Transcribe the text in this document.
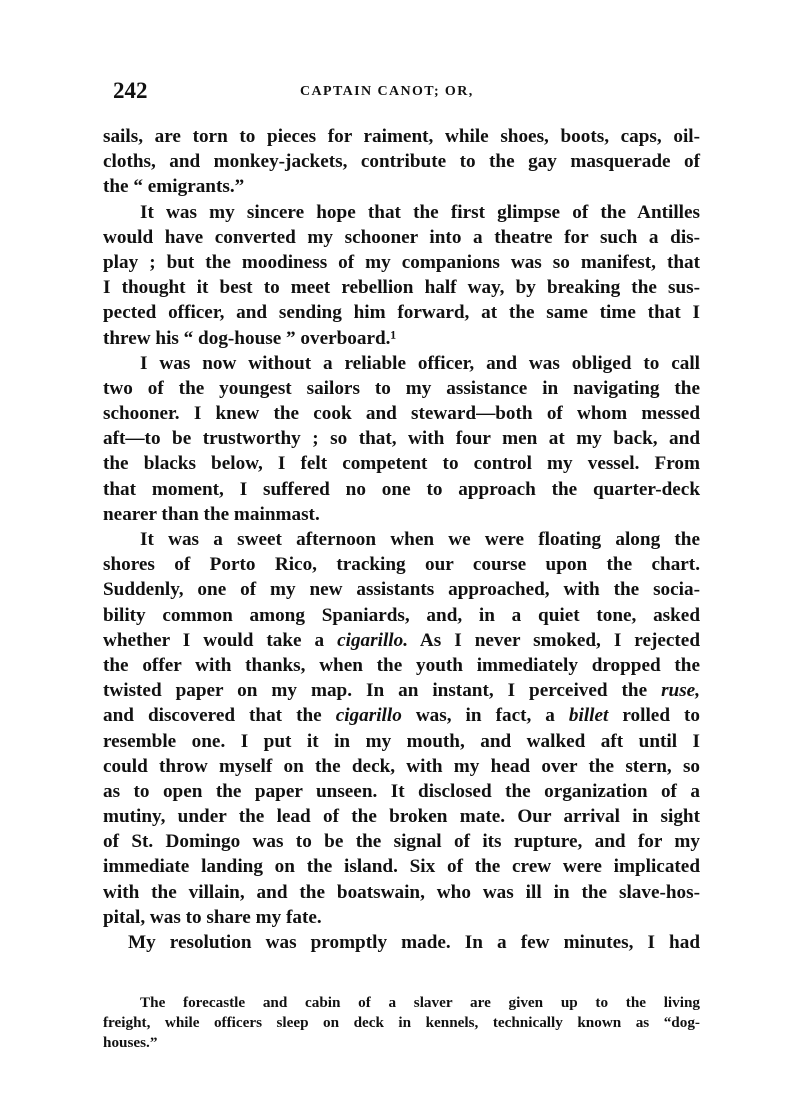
242	CAPTAIN CANOT; OR,
sails, are torn to pieces for raiment, while shoes, boots, caps, oil-
cloths, and monkey-jackets, contribute to the gay masquerade of
the “ emigrants.”
It was my sincere hope that the first glimpse of the Antilles
would have converted my schooner into a theatre for such a dis-
play ; but the moodiness of my companions was so manifest, that
I thought it best to meet rebellion half way, by breaking the sus-
pected officer, and sending him forward, at the same time that I
threw his “ dog-house ” overboard.¹
I was now without a reliable officer, and was obliged to call
two of the youngest sailors to my assistance in navigating the
schooner. I knew the cook and steward—both of whom messed
aft—to be trustworthy ; so that, with four men at my back, and
the blacks below, I felt competent to control my vessel. From
that moment, I suffered no one to approach the quarter-deck
nearer than the mainmast.
It was a sweet afternoon when we were floating along the
shores of Porto Rico, tracking our course upon the chart.
Suddenly, one of my new assistants approached, with the socia-
bility common among Spaniards, and, in a quiet tone, asked
whether I would take a cigarillo. As I never smoked, I rejected
the offer with thanks, when the youth immediately dropped the
twisted paper on my map. In an instant, I perceived the ruse,
and discovered that the cigarillo was, in fact, a billet rolled to
resemble one. I put it in my mouth, and walked aft until I
could throw myself on the deck, with my head over the stern, so
as to open the paper unseen. It disclosed the organization of a
mutiny, under the lead of the broken mate. Our arrival in sight
of St. Domingo was to be the signal of its rupture, and for my
immediate landing on the island. Six of the crew were implicated
with the villain, and the boatswain, who was ill in the slave-hos-
pital, was to share my fate.
My resolution was promptly made. In a few minutes, I had
The forecastle and cabin of a slaver are given up to the living
freight, while officers sleep on deck in kennels, technically known as “dog-
houses.”
